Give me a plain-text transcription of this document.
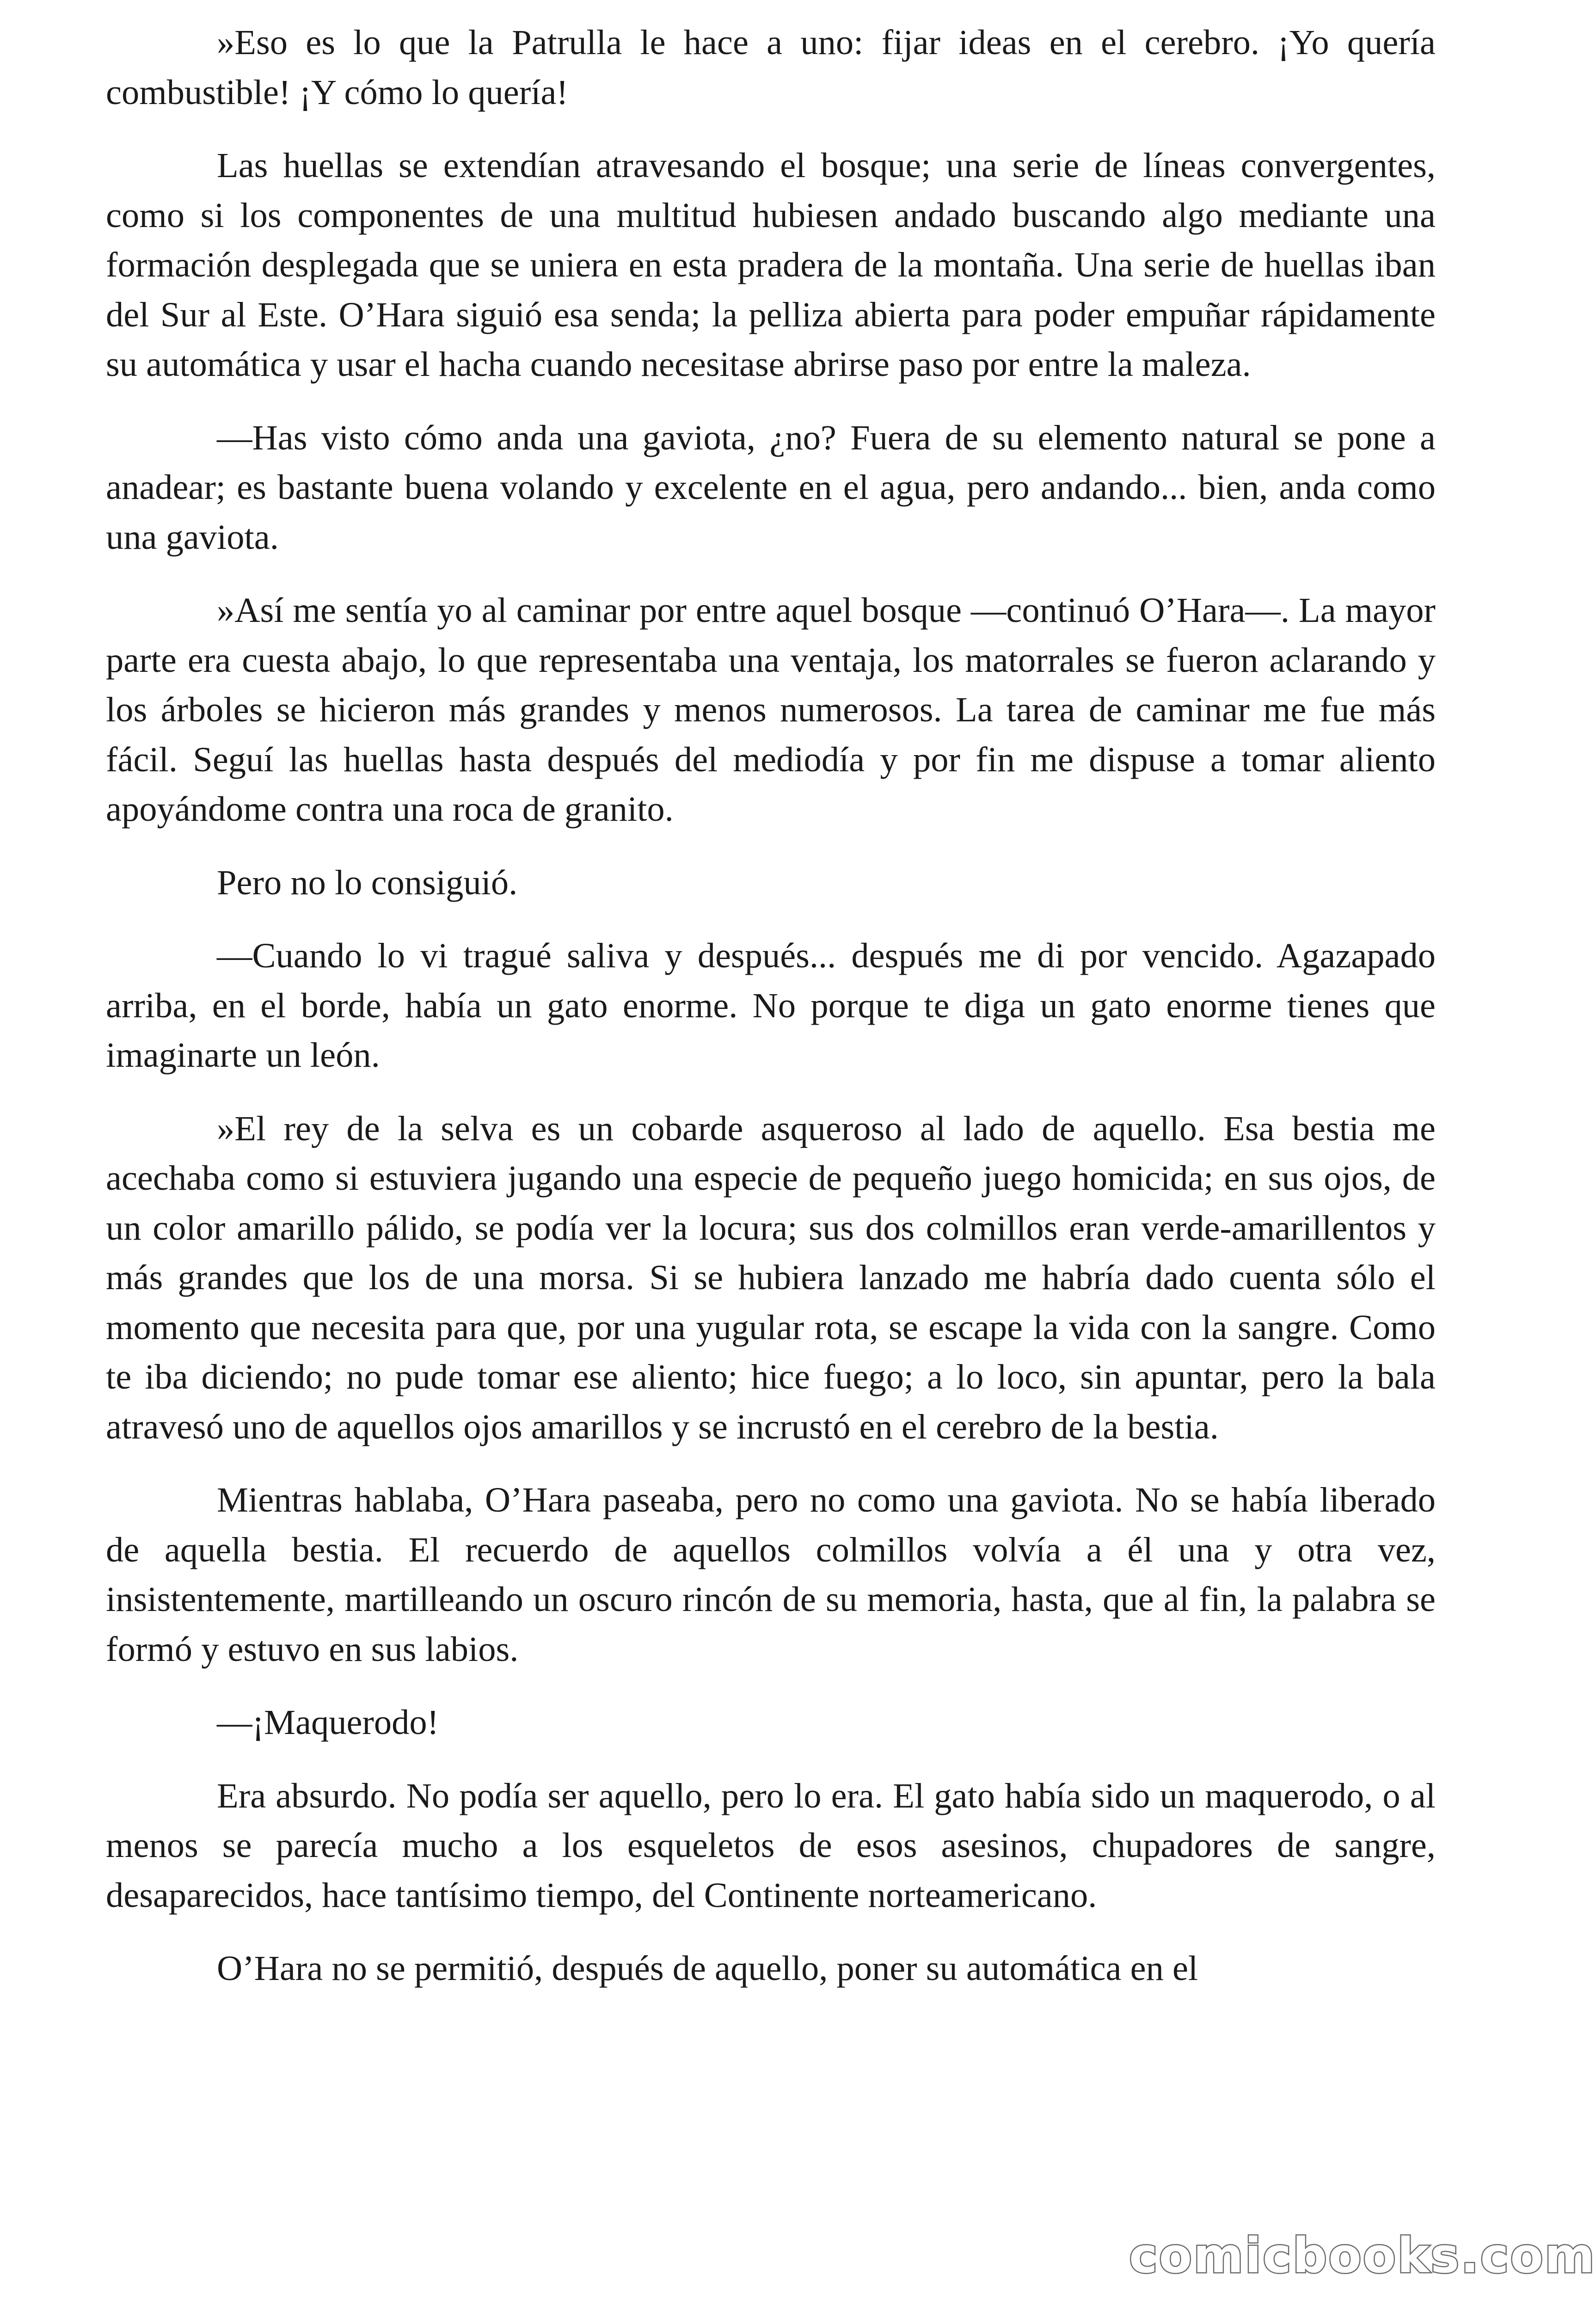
»Eso es lo que la Patrulla le hace a uno: fijar ideas en el cerebro. ¡Yo quería combustible! ¡Y cómo lo quería!

Las huellas se extendían atravesando el bosque; una serie de líneas convergentes, como si los componentes de una multitud hubiesen andado buscando algo mediante una formación desplegada que se uniera en esta pradera de la montaña. Una serie de huellas iban del Sur al Este. O’Hara siguió esa senda; la pelliza abierta para poder empuñar rápidamente su automática y usar el hacha cuando necesitase abrirse paso por entre la maleza.

—Has visto cómo anda una gaviota, ¿no? Fuera de su elemento natural se pone a anadear; es bastante buena volando y excelente en el agua, pero andando... bien, anda como una gaviota.

»Así me sentía yo al caminar por entre aquel bosque —continuó O’Hara—. La mayor parte era cuesta abajo, lo que representaba una ventaja, los matorrales se fueron aclarando y los árboles se hicieron más grandes y menos numerosos. La tarea de caminar me fue más fácil. Seguí las huellas hasta después del mediodía y por fin me dispuse a tomar aliento apoyándome contra una roca de granito.

Pero no lo consiguió.

—Cuando lo vi tragué saliva y después... después me di por vencido. Agazapado arriba, en el borde, había un gato enorme. No porque te diga un gato enorme tienes que imaginarte un león.

»El rey de la selva es un cobarde asqueroso al lado de aquello. Esa bestia me acechaba como si estuviera jugando una especie de pequeño juego homicida; en sus ojos, de un color amarillo pálido, se podía ver la locura; sus dos colmillos eran verde-amarillentos y más grandes que los de una morsa. Si se hubiera lanzado me habría dado cuenta sólo el momento que necesita para que, por una yugular rota, se escape la vida con la sangre. Como te iba diciendo; no pude tomar ese aliento; hice fuego; a lo loco, sin apuntar, pero la bala atravesó uno de aquellos ojos amarillos y se incrustó en el cerebro de la bestia.

Mientras hablaba, O’Hara paseaba, pero no como una gaviota. No se había liberado de aquella bestia. El recuerdo de aquellos colmillos volvía a él una y otra vez, insistentemente, martilleando un oscuro rincón de su memoria, hasta, que al fin, la palabra se formó y estuvo en sus labios.

—¡Maquerodo!

Era absurdo. No podía ser aquello, pero lo era. El gato había sido un maquerodo, o al menos se parecía mucho a los esqueletos de esos asesinos, chupadores de sangre, desaparecidos, hace tantísimo tiempo, del Continente norteamericano.

O’Hara no se permitió, después de aquello, poner su automática en el

comicbooks.com
